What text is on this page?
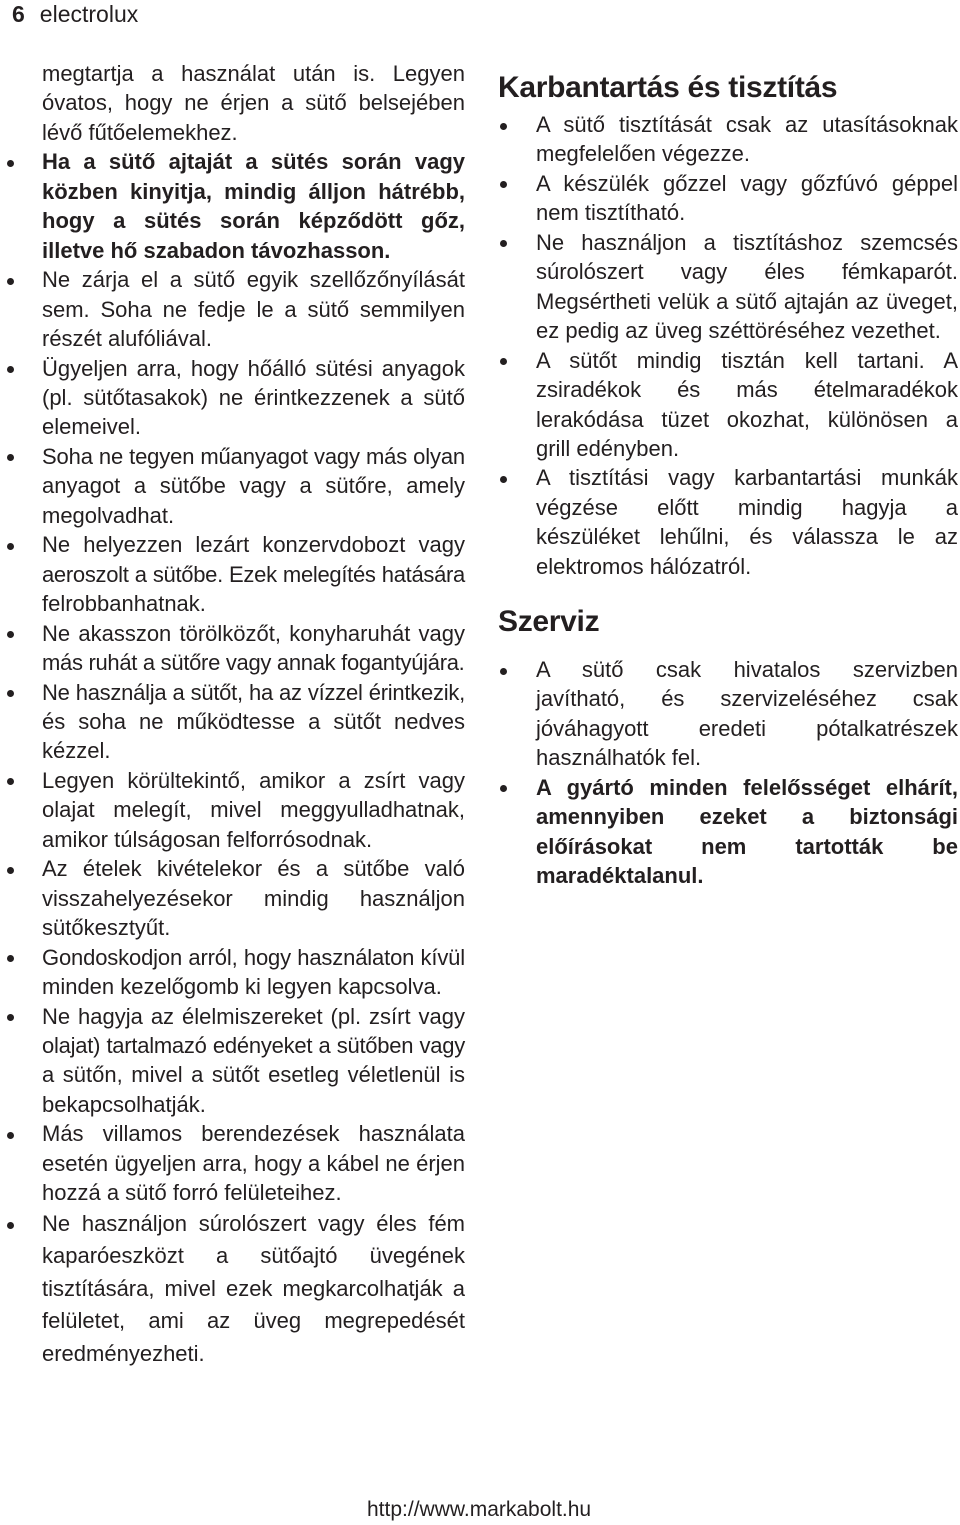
6 electrolux
megtartja a használat után is. Legyen
óvatos, hogy ne érjen a sütő belsejében
lévő fűtőelemekhez.
Ha a sütő ajtaját a sütés során vagy
közben kinyitja, mindig álljon hátrébb,
hogy a sütés során képződött gőz,
illetve hő szabadon távozhasson.
Ne zárja el a sütő egyik szellőzőnyílását
sem. Soha ne fedje le a sütő semmilyen
részét alufóliával.
Ügyeljen arra, hogy hőálló sütési anyagok
(pl. sütőtasakok) ne érintkezzenek a sütő
elemeivel.
Soha ne tegyen műanyagot vagy más olyan
anyagot a sütőbe vagy a sütőre, amely
megolvadhat.
Ne helyezzen lezárt konzervdobozt vagy
aeroszolt a sütőbe. Ezek melegítés hatására
felrobbanhatnak.
Ne akasszon törölközőt, konyharuhát vagy
más ruhát a sütőre vagy annak fogantyújára.
Ne használja a sütőt, ha az vízzel érintkezik,
és soha ne működtesse a sütőt nedves
kézzel.
Legyen körültekintő, amikor a zsírt vagy
olajat melegít, mivel meggyulladhatnak,
amikor túlságosan felforrósodnak.
Az ételek kivételekor és a sütőbe való
visszahelyezésekor mindig használjon
sütőkesztyűt.
Gondoskodjon arról, hogy használaton kívül
minden kezelőgomb ki legyen kapcsolva.
Ne hagyja az élelmiszereket (pl. zsírt vagy
olajat) tartalmazó edényeket a sütőben vagy
a sütőn, mivel a sütőt esetleg véletlenül is
bekapcsolhatják.
Más villamos berendezések használata
esetén ügyeljen arra, hogy a kábel ne érjen
hozzá a sütő forró felületeihez.
Ne használjon súrolószert vagy éles fém
kaparóeszközt a sütőajtó üvegének
tisztítására, mivel ezek megkarcolhatják a
felületet, ami az üveg megrepedését
eredményezheti.
Karbantartás és tisztítás
A sütő tisztítását csak az utasításoknak
megfelelően végezze.
A készülék gőzzel vagy gőzfúvó géppel
nem tisztítható.
Ne használjon a tisztításhoz szemcsés
súrolószert vagy éles fémkaparót.
Megsértheti velük a sütő ajtaján az üveget,
ez pedig az üveg széttöréséhez vezethet.
A sütőt mindig tisztán kell tartani. A
zsiradékok és más ételmaradékok
lerakódása tüzet okozhat, különösen a
grill edényben.
A tisztítási vagy karbantartási munkák
végzése előtt mindig hagyja a
készüléket lehűlni, és válassza le az
elektromos hálózatról.
Szerviz
A sütő csak hivatalos szervizben
javítható, és szervizeléséhez csak
jóváhagyott eredeti pótalkatrészek
használhatók fel.
A gyártó minden felelősséget elhárít,
amennyiben ezeket a biztonsági
előírásokat nem tartották be
maradéktalanul.
http://www.markabolt.hu
